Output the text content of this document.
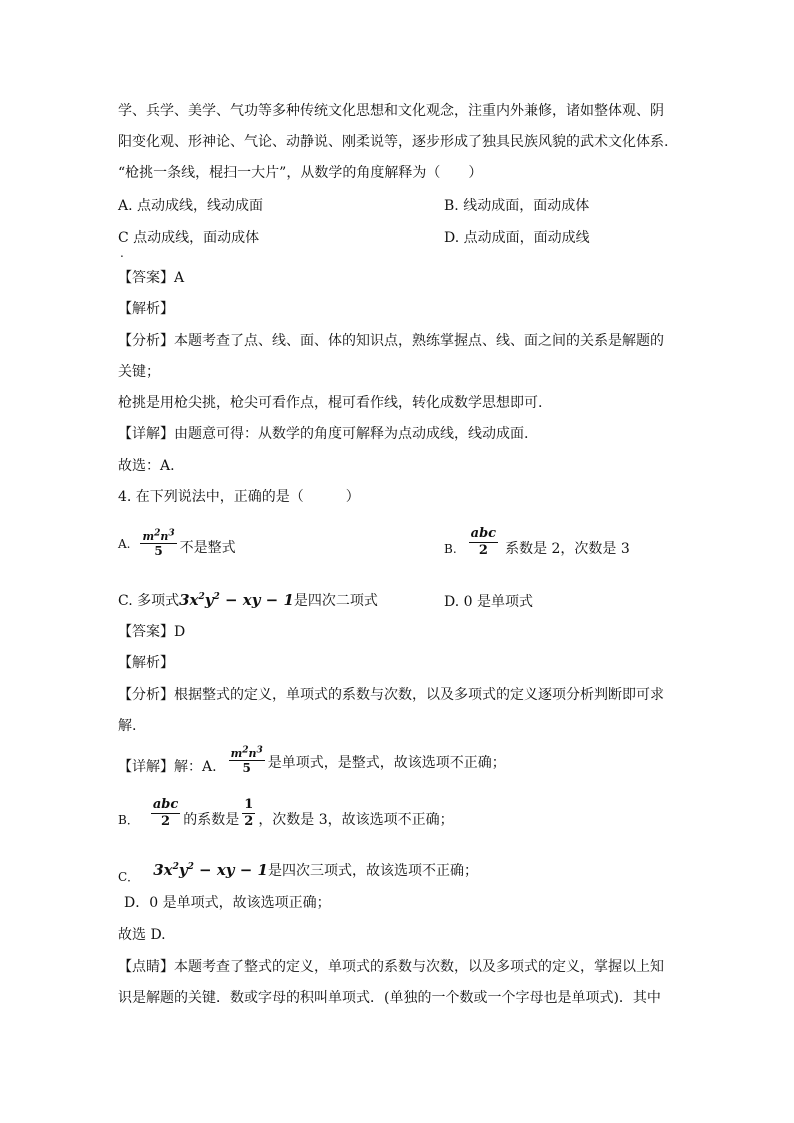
学、兵学、美学、气功等多种传统文化思想和文化观念，注重内外兼修，诸如整体观、阴
阳变化观、形神论、气论、动静说、刚柔说等，逐步形成了独具民族风貌的武术文化体系.
“枪挑一条线，棍扫一大片”，从数学的角度解释为（　　）
A. 点动成线，线动成面	B. 线动成面，面动成体
C 点动成线，面动成体	D. 点动成面，面动成线
.
【答案】A
【解析】
【分析】本题考查了点、线、面、体的知识点，熟练掌握点、线、面之间的关系是解题的
关键；
枪挑是用枪尖挑，枪尖可看作点，棍可看作线，转化成数学思想即可.
【详解】由题意可得：从数学的角度可解释为点动成线，线动成面.
故选：A.
4. 在下列说法中，正确的是（　　　）
A. $\frac{m^2n^3}{5}$ 不是整式	B. $\frac{\text{abc}}{2}$ 系数是 2，次数是 3
C. 多项式$3x^2y^2$ − xy − 1是四次二项式	D. 0 是单项式
【答案】D
【解析】
【分析】根据整式的定义，单项式的系数与次数，以及多项式的定义逐项分析判断即可求
解.
【详解】解：A. $\frac{m^2n^3}{5}$ 是单项式，是整式，故该选项不正确；
B． $\frac{\text{abc}}{2}$ 的系数是 $\frac{1}{2}$ ，次数是 3，故该选项不正确；
C． $3x^2y^2$ − xy − 1是四次三项式，故该选项不正确；
D．0 是单项式，故该选项正确；
故选 D.
【点睛】本题考查了整式的定义，单项式的系数与次数，以及多项式的定义，掌握以上知
识是解题的关键．数或字母的积叫单项式．(单独的一个数或一个字母也是单项式)．其中
